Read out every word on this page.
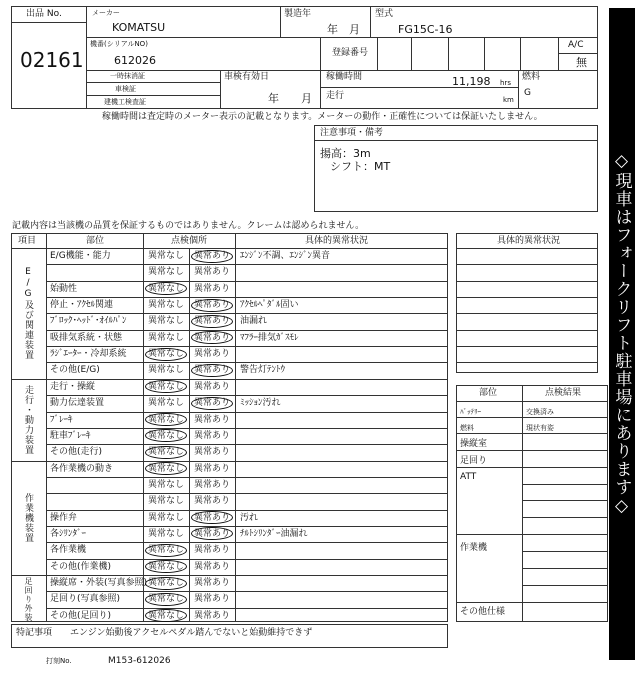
出品 No.
02161
メーカー
KOMATSU
製造年
年　月
型式
FG15C-16
機番(シリアルNO)
612026
登録番号
A/C
無
一時抹消証
車検証
建機工検査証
車検有効日
年　　月
稼働時間	11,198 hrs
走行	km
燃料
G
稼働時間は査定時のメーター表示の記載となります。メーターの動作・正確性については保証いたしません。
注意事項・備考
揚高：3m
シフト：MT
記載内容は当該機の品質を保証するものではありません。クレームは認められません。
項目	部位	点検個所	具体的異常状況
E/G及び関連装置
走行・動力装置
作業機装置
足回り外装
E/G機能・能力	異常なし 異常あり ｴﾝｼﾞﾝ不調、ｴﾝｼﾞﾝ異音
異常なし 異常あり
始動性	異常なし 異常あり
停止・ｱｸｾﾙ関連	異常なし 異常あり ｱｸｾﾙﾍﾟﾀﾞﾙ固い
ﾌﾞﾛｯｸ･ﾍｯﾄﾞ･ｵｲﾙﾊﾟﾝ 異常なし 異常あり 油漏れ
吸排気系統・状態	異常なし 異常あり ﾏﾌﾗｰ排気ｶﾞｽﾓﾚ
ﾗｼﾞｴｰﾀｰ・冷却系統 異常なし 異常あり
その他(E/G)	異常なし 異常あり 警告灯ﾃﾝﾄｳ
走行・操縦	異常なし 異常あり
動力伝達装置	異常なし 異常あり ﾐｯｼｮﾝ汚れ
ﾌﾞﾚｰｷ	異常なし 異常あり
駐車ﾌﾞﾚｰｷ	異常なし 異常あり
その他(走行)	異常なし 異常あり
各作業機の動き	異常なし 異常あり
異常なし 異常あり
異常なし 異常あり
操作弁	異常なし 異常あり 汚れ
各ｼﾘﾝﾀﾞｰ	異常なし 異常あり ﾁﾙﾄｼﾘﾝﾀﾞｰ油漏れ
各作業機	異常なし 異常あり
その他(作業機)	異常なし 異常あり
操縦席・外装(写真参照) 異常なし 異常あり
足回り(写真参照)	異常なし 異常あり
その他(足回り)	異常なし 異常あり
具体的異常状況
部位	点検結果
ﾊﾞｯﾃﾘｰ	交換済み
燃料	現状有姿
操縦室
足回り
ATT
作業機
その他仕様
特記事項 エンジン始動後アクセルペダル踏んでないと始動維持できず
打刻No.	M153-612026
◇現車はフォークリフト駐車場にあります◇
